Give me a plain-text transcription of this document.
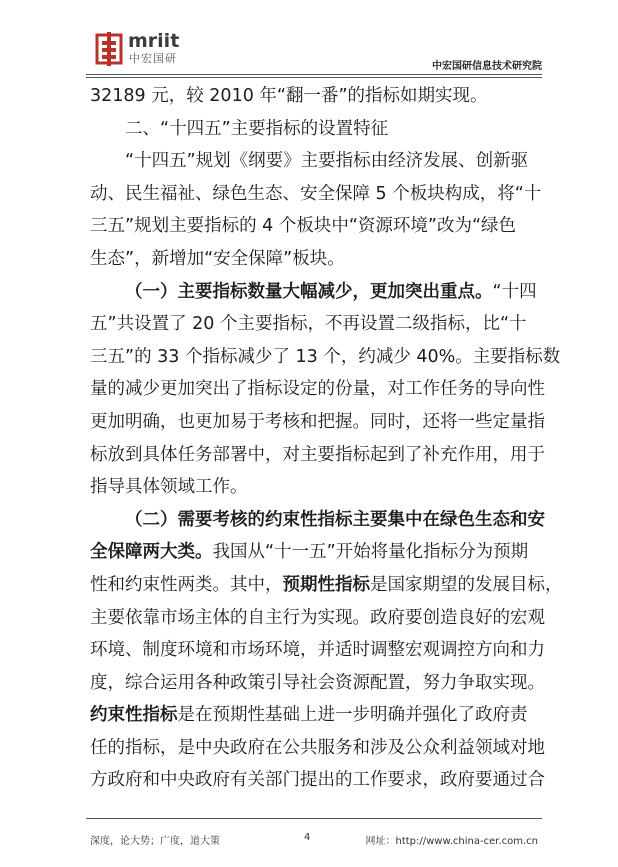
mriit
中宏国研
中宏国研信息技术研究院
32189 元，较 2010 年“翻一番”的指标如期实现。
二、“十四五”主要指标的设置特征
“十四五”规划《纲要》主要指标由经济发展、创新驱
动、民生福祉、绿色生态、安全保障 5 个板块构成，将“十
三五”规划主要指标的 4 个板块中“资源环境”改为“绿色
生态”，新增加“安全保障”板块。
（一）主要指标数量大幅减少，更加突出重点。“十四
五”共设置了 20 个主要指标，不再设置二级指标，比“十
三五”的 33 个指标减少了 13 个，约减少 40%。主要指标数
量的减少更加突出了指标设定的份量，对工作任务的导向性
更加明确，也更加易于考核和把握。同时，还将一些定量指
标放到具体任务部署中，对主要指标起到了补充作用，用于
指导具体领域工作。
（二）需要考核的约束性指标主要集中在绿色生态和安
全保障两大类。我国从“十一五”开始将量化指标分为预期
性和约束性两类。其中，预期性指标是国家期望的发展目标，
主要依靠市场主体的自主行为实现。政府要创造良好的宏观
环境、制度环境和市场环境，并适时调整宏观调控方向和力
度，综合运用各种政策引导社会资源配置，努力争取实现。
约束性指标是在预期性基础上进一步明确并强化了政府责
任的指标，是中央政府在公共服务和涉及公众利益领域对地
方政府和中央政府有关部门提出的工作要求，政府要通过合
深度，论大势；广度，道大策	4	网址：http://www.china-cer.com.cn
